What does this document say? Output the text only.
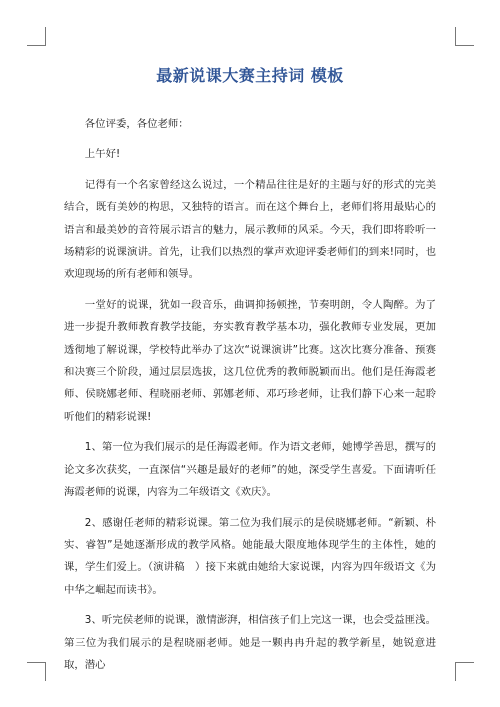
最新说课大赛主持词 模板

各位评委，各位老师：

上午好!

记得有一个名家曾经这么说过，一个精品往往是好的主题与好的形式的完美结合，既有美妙的构思，又独特的语言。而在这个舞台上，老师们将用最贴心的语言和最美妙的音符展示语言的魅力，展示教师的风采。今天，我们即将聆听一场精彩的说课演讲。首先，让我们以热烈的掌声欢迎评委老师们的到来!同时，也欢迎现场的所有老师和领导。

一堂好的说课，犹如一段音乐，曲调抑扬顿挫，节奏明朗，令人陶醉。为了进一步提升教师教育教学技能，夯实教育教学基本功，强化教师专业发展，更加透彻地了解说课，学校特此举办了这次“说课演讲”比赛。这次比赛分准备、预赛和决赛三个阶段，通过层层选拔，这几位优秀的教师脱颖而出。他们是任海霞老师、侯晓娜老师、程晓丽老师、郭娜老师、邓巧珍老师，让我们静下心来一起聆听他们的精彩说课!

1、第一位为我们展示的是任海霞老师。作为语文老师，她博学善思，撰写的论文多次获奖，一直深信“兴趣是最好的老师”的她，深受学生喜爱。下面请听任海霞老师的说课，内容为二年级语文《欢庆》。

2、感谢任老师的精彩说课。第二位为我们展示的是侯晓娜老师。“新颖、朴实、睿智”是她逐渐形成的教学风格。她能最大限度地体现学生的主体性，她的课，学生们爱上。（演讲稿　）接下来就由她给大家说课，内容为四年级语文《为中华之崛起而读书》。

3、听完侯老师的说课，激情澎湃，相信孩子们上完这一课，也会受益匪浅。第三位为我们展示的是程晓丽老师。她是一颗冉冉升起的教学新星，她锐意进取，潜心
